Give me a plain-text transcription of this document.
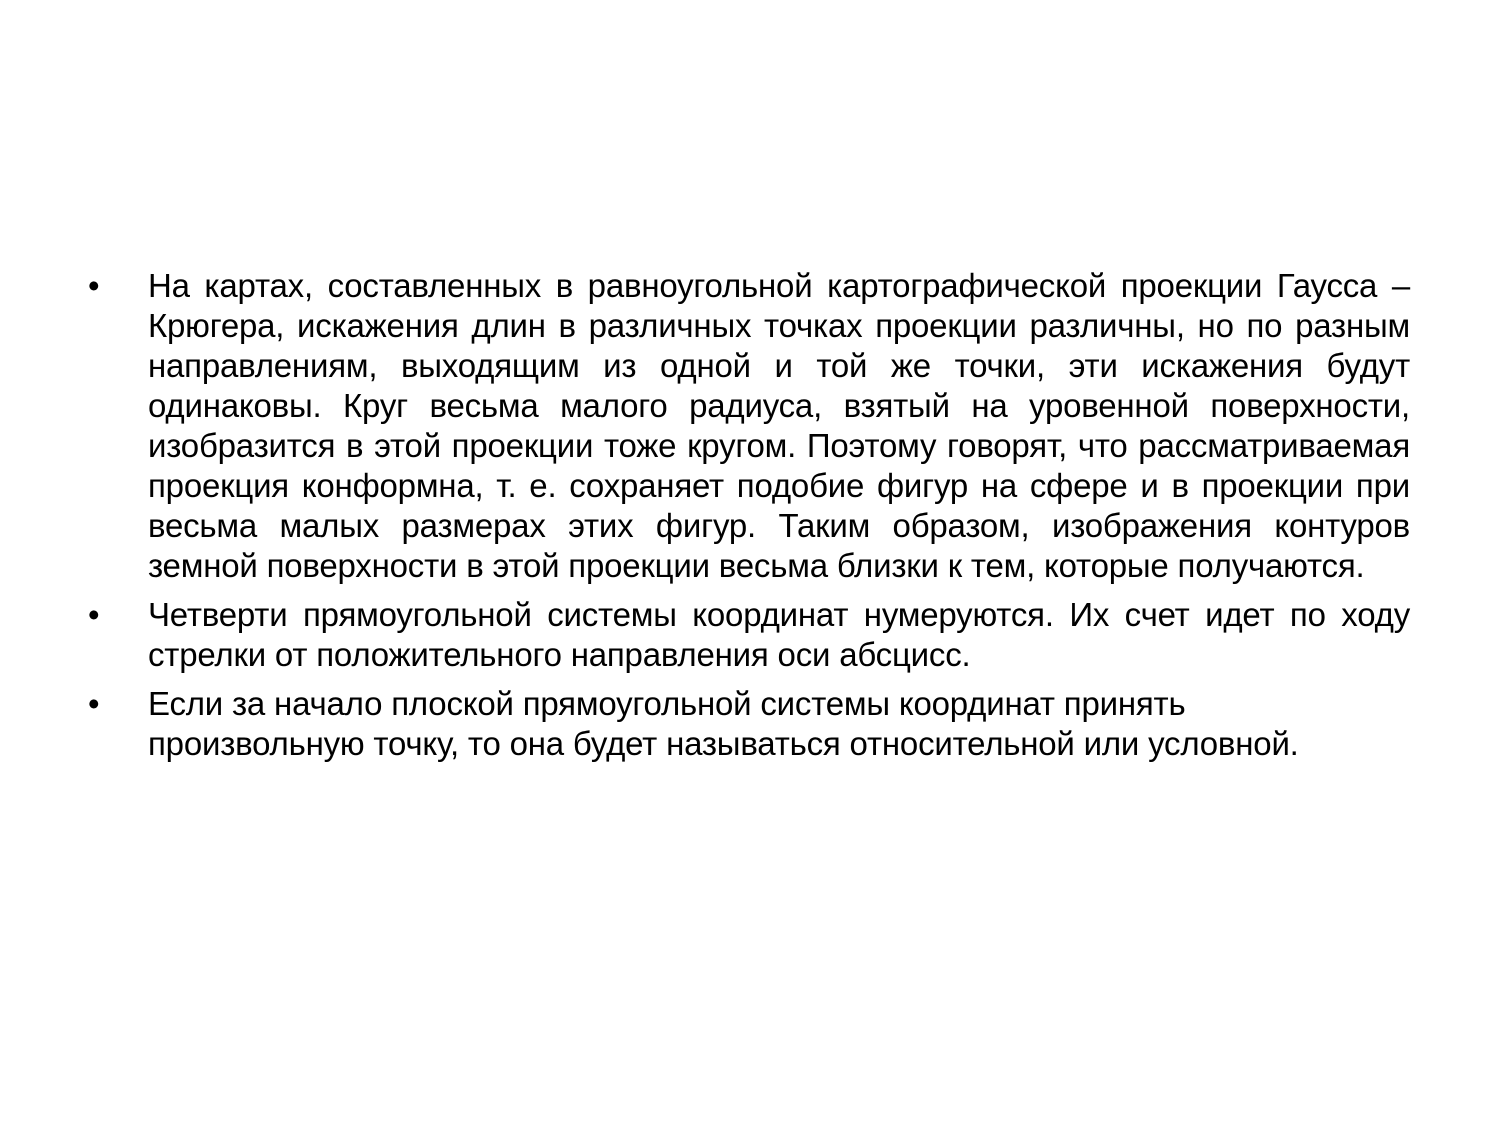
• На картах, составленных в равноугольной картографической проекции Гаусса – Крюгера, искажения длин в различных точках проекции различны, но по разным направлениям, выходящим из одной и той же точки, эти искажения будут одинаковы. Круг весьма малого радиуса, взятый на уровенной поверхности, изобразится в этой проекции тоже кругом. Поэтому говорят, что рассматриваемая проекция конформна, т. е. сохраняет подобие фигур на сфере и в проекции при весьма малых размерах этих фигур. Таким образом, изображения контуров земной поверхности в этой проекции весьма близки к тем, которые получаются.
• Четверти прямоугольной системы координат нумеруются. Их счет идет по ходу стрелки от положительного направления оси абсцисс.
• Если за начало плоской прямоугольной системы координат принять произвольную точку, то она будет называться относительной или условной.
